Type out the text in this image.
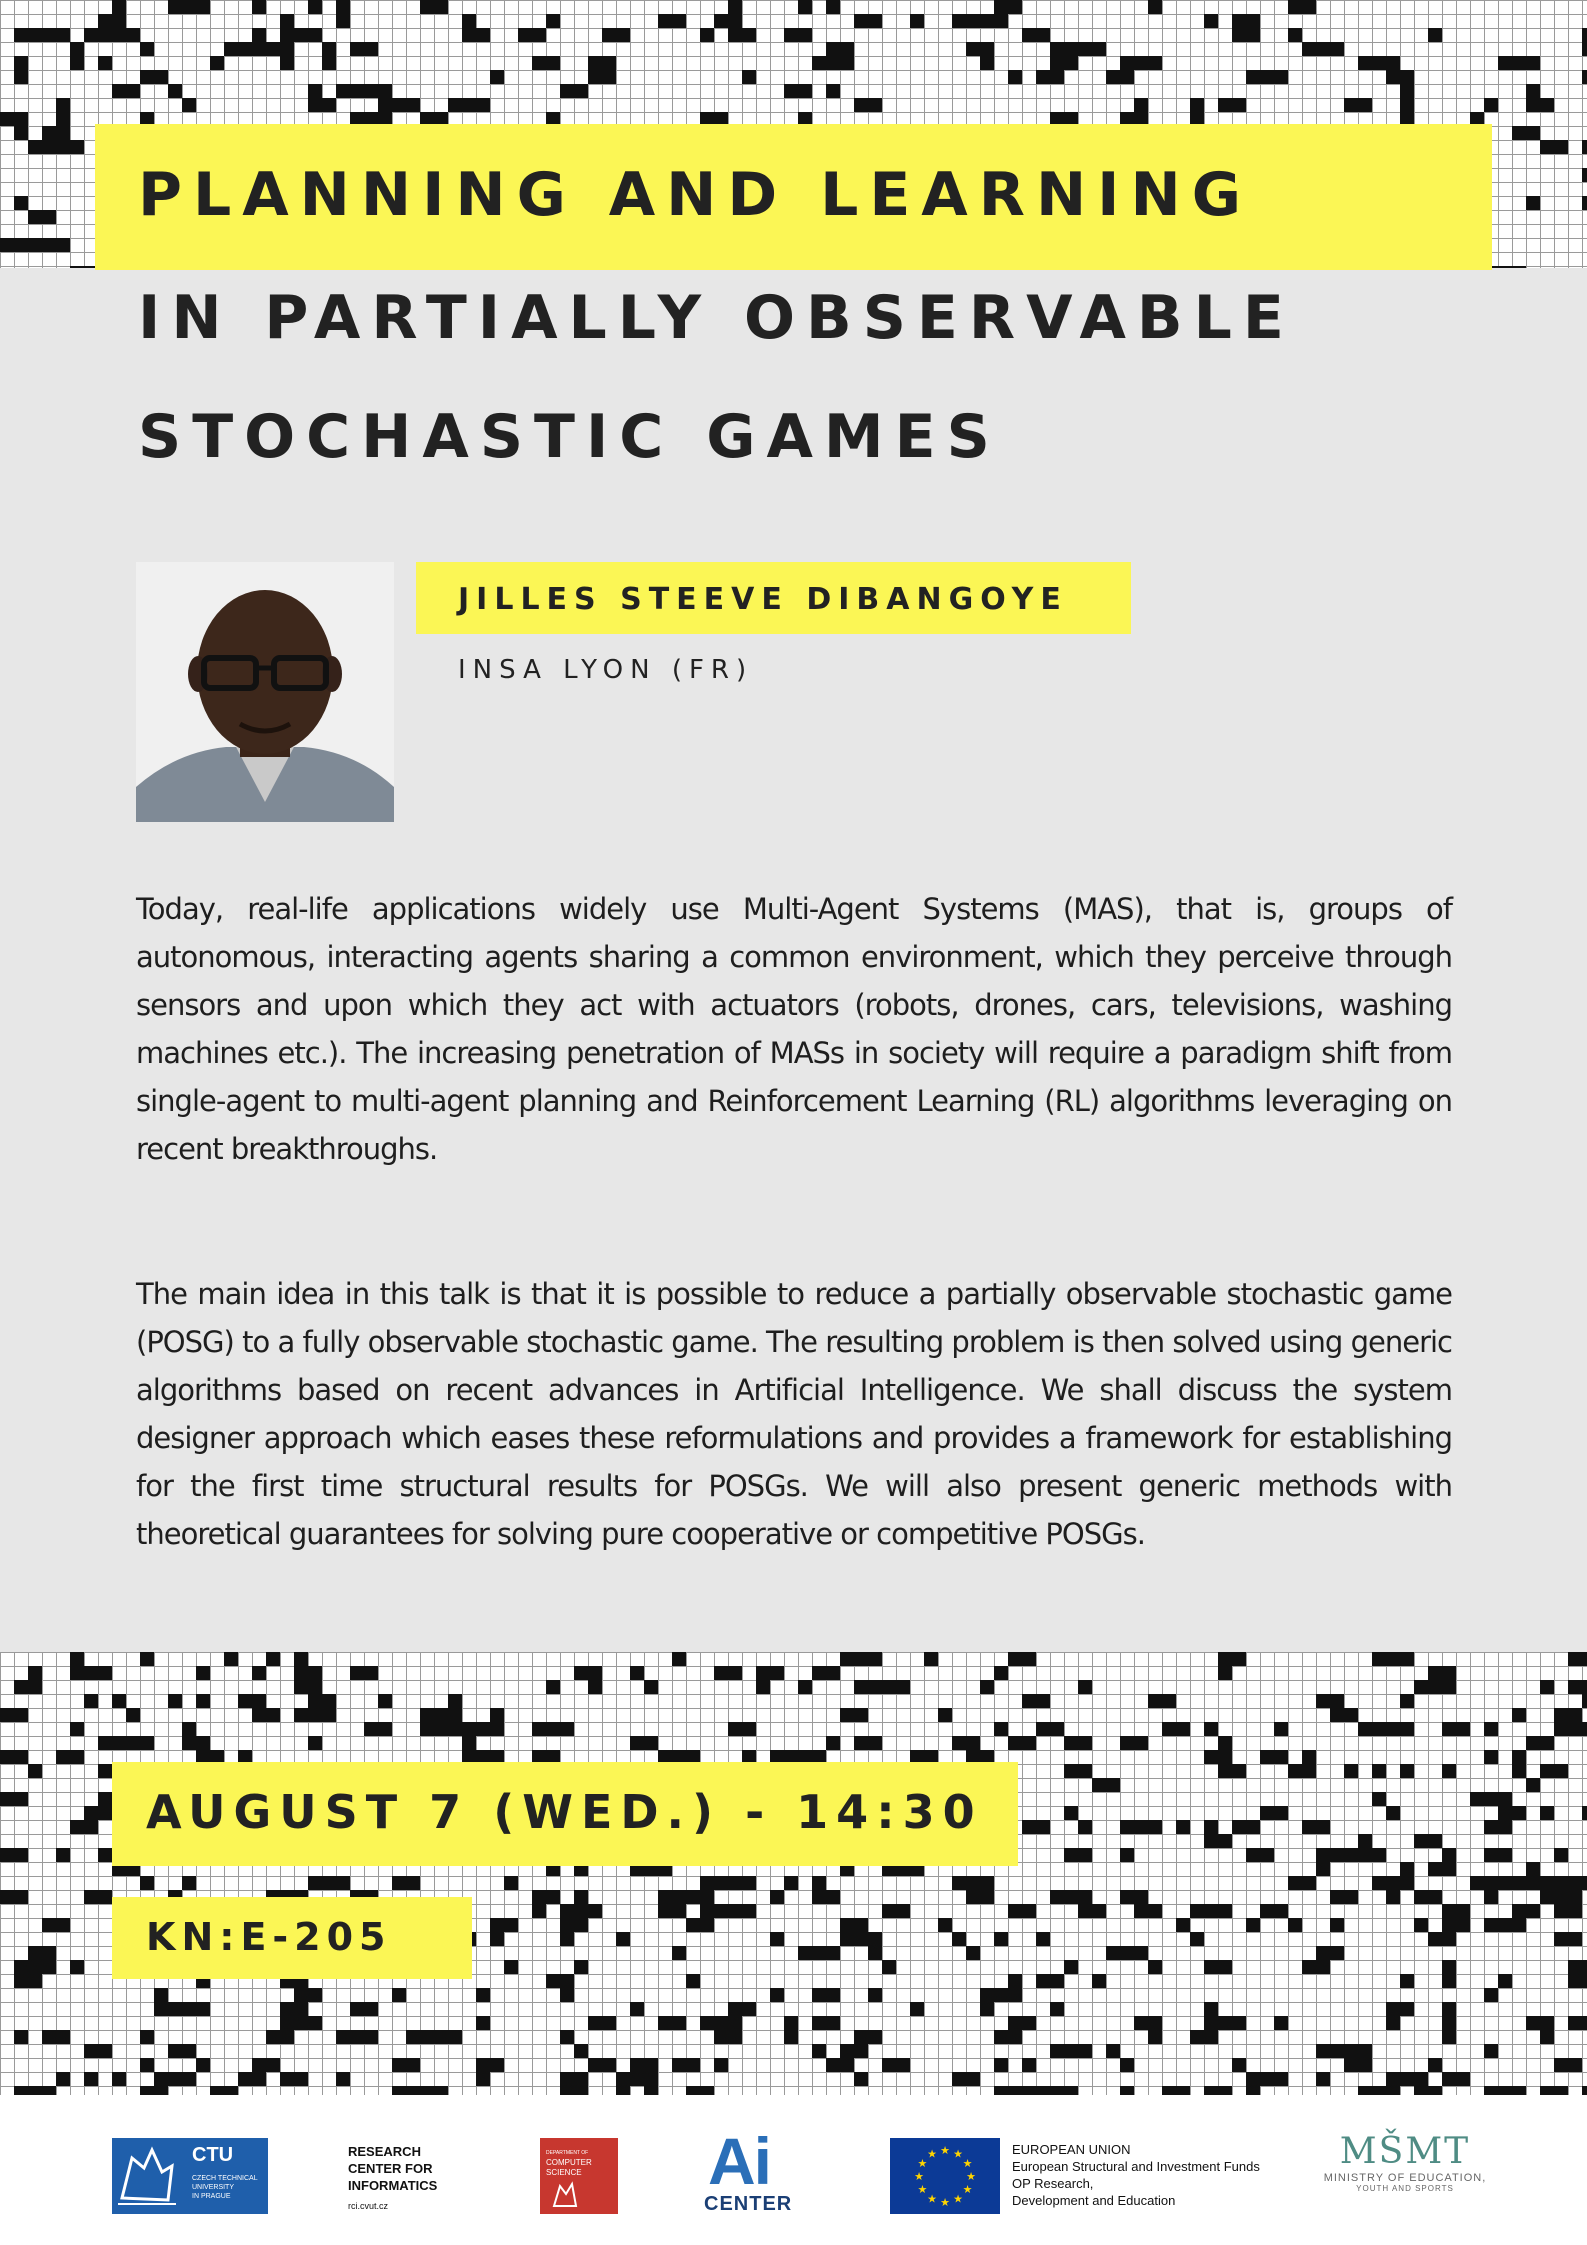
PLANNING AND LEARNING
IN PARTIALLY OBSERVABLE
STOCHASTIC GAMES

JILLES STEEVE DIBANGOYE

INSA LYON (FR)

Today, real-life applications widely use Multi-Agent Systems (MAS), that is, groups of autonomous, interacting agents sharing a common environment, which they perceive through sensors and upon which they act with actuators (robots, drones, cars, televisions, washing machines etc.). The increasing penetration of MASs in society will require a paradigm shift from single-agent to multi-agent planning and Reinforcement Learning (RL) algorithms leveraging on recent breakthroughs.

The main idea in this talk is that it is possible to reduce a partially observable stochastic game (POSG) to a fully observable stochastic game. The resulting problem is then solved using generic algorithms based on recent advances in Artificial Intelligence. We shall discuss the system designer approach which eases these reformulations and provides a framework for establishing for the first time structural results for POSGs. We will also present generic methods with theoretical guarantees for solving pure cooperative or competitive POSGs.

AUGUST 7 (WED.) - 14:30

KN:E-205

CTU
CZECH TECHNICAL
UNIVERSITY
IN PRAGUE
RESEARCH
CENTER FOR
INFORMATICS
rci.cvut.cz
DEPARTMENT OF
COMPUTER
SCIENCE Ai
CENTER
★
★
★
★
★
★
★
★
★ ★ ★
★
EUROPEAN UNION
European Structural and Investment Funds
OP Research,
Development and Education
MŠMT
MINISTRY OF EDUCATION,
YOUTH AND SPORTS
